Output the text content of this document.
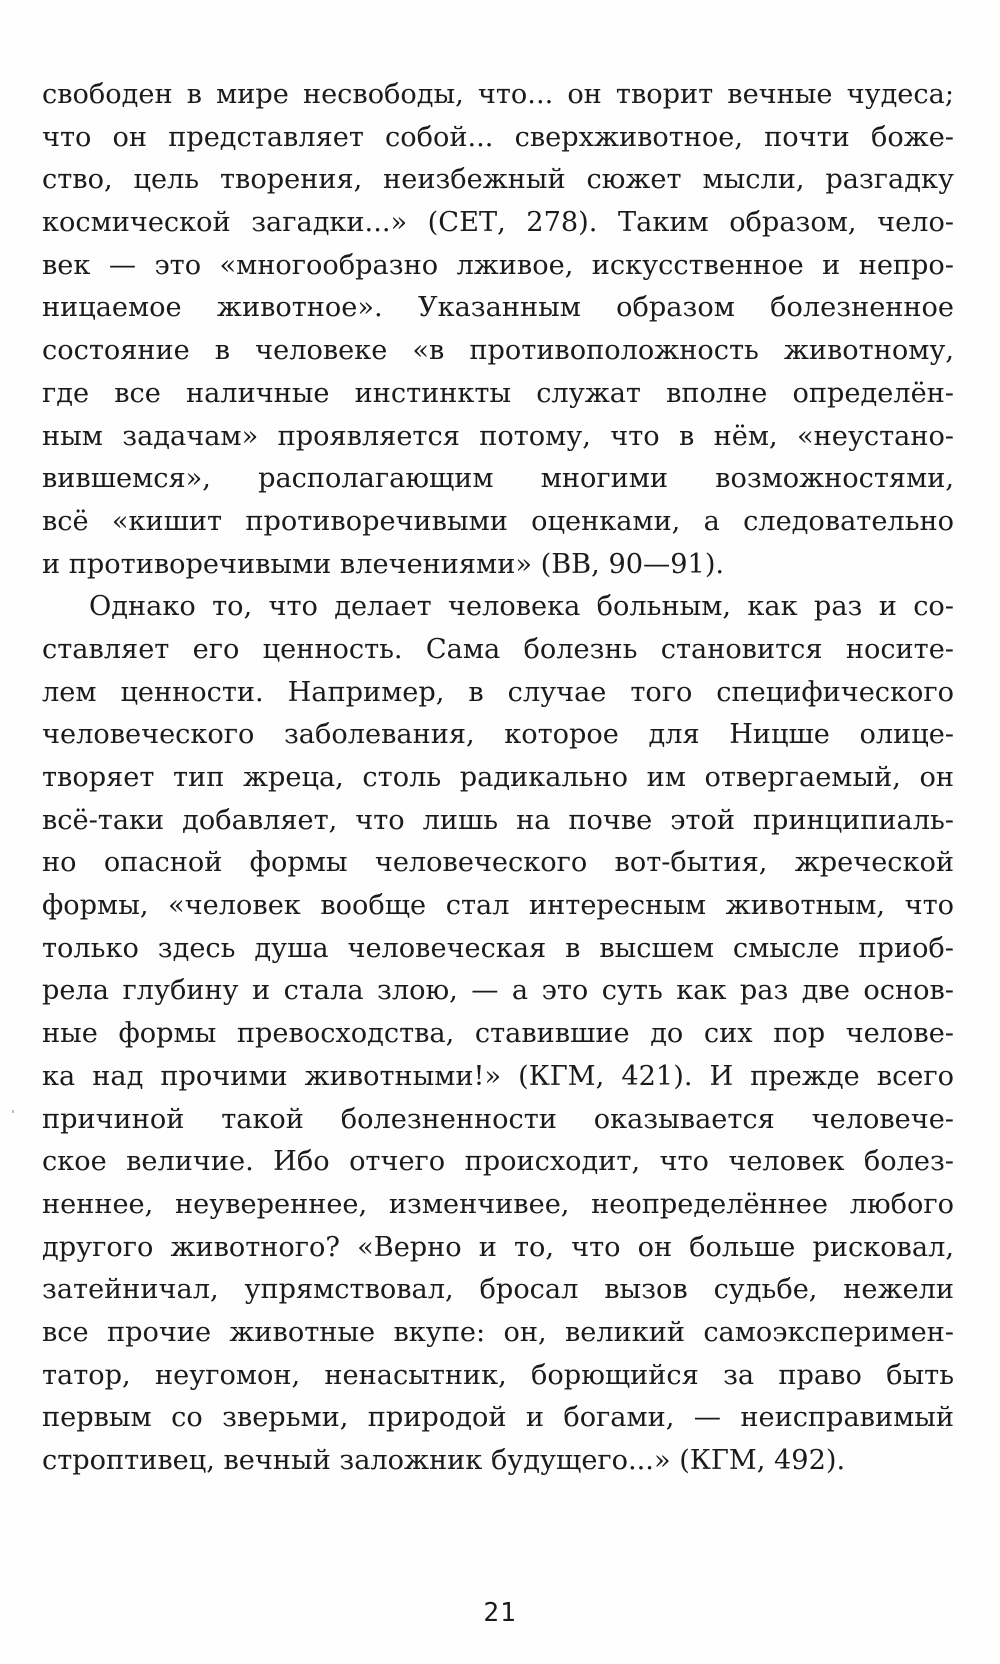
свободен в мире несвободы, что... он творит вечные чудеса;
что он представляет собой... сверхживотное, почти боже-
ство, цель творения, неизбежный сюжет мысли, разгадку
космической загадки...» (СЕТ, 278). Таким образом, чело-
век — это «многообразно лживое, искусственное и непро-
ницаемое животное». Указанным образом болезненное
состояние в человеке «в противоположность животному,
где все наличные инстинкты служат вполне определён-
ным задачам» проявляется потому, что в нём, «неустано-
вившемся», располагающим многими возможностями,
всё «кишит противоречивыми оценками, а следовательно
и противоречивыми влечениями» (ВВ, 90—91).
Однако то, что делает человека больным, как раз и со-
ставляет его ценность. Сама болезнь становится носите-
лем ценности. Например, в случае того специфического
человеческого заболевания, которое для Ницше олице-
творяет тип жреца, столь радикально им отвергаемый, он
всё-таки добавляет, что лишь на почве этой принципиаль-
но опасной формы человеческого вот-бытия, жреческой
формы, «человек вообще стал интересным животным, что
только здесь душа человеческая в высшем смысле приоб-
рела глубину и стала злою, — а это суть как раз две основ-
ные формы превосходства, ставившие до сих пор челове-
ка над прочими животными!» (КГМ, 421). И прежде всего
причиной такой болезненности оказывается человече-
ское величие. Ибо отчего происходит, что человек болез-
неннее, неувереннее, изменчивее, неопределённее любого
другого животного? «Верно и то, что он больше рисковал,
затейничал, упрямствовал, бросал вызов судьбе, нежели
все прочие животные вкупе: он, великий самоэксперимен-
татор, неугомон, ненасытник, борющийся за право быть
первым со зверьми, природой и богами, — неисправимый
строптивец, вечный заложник будущего...» (КГМ, 492).
21
